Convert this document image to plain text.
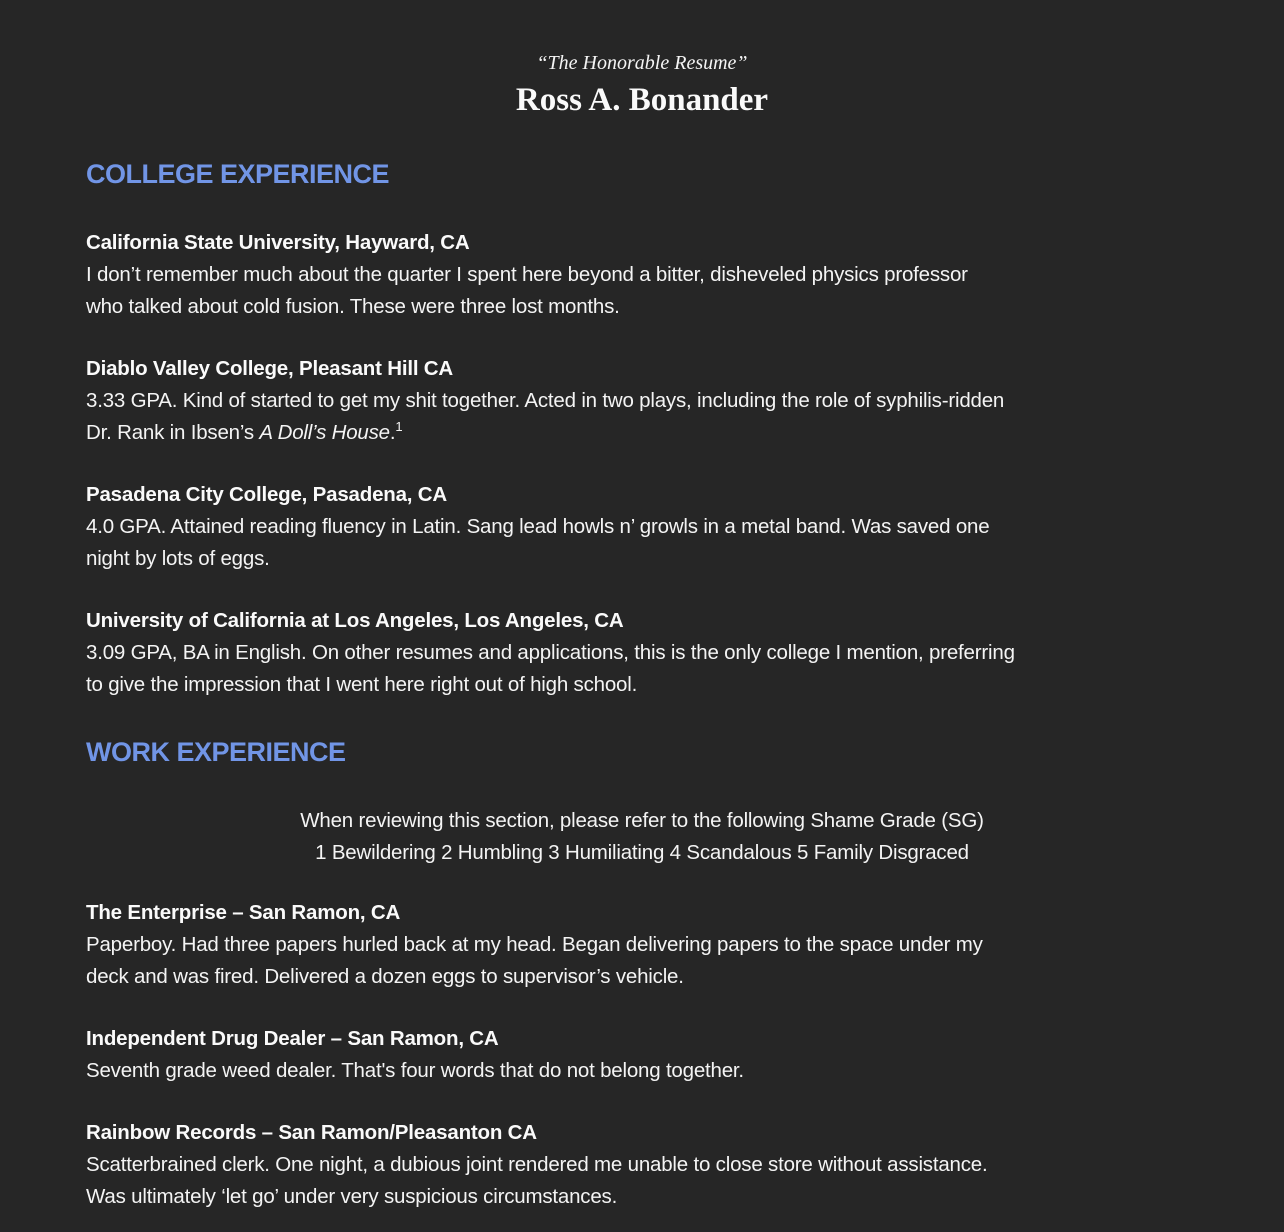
“The Honorable Resume”
Ross A. Bonander
COLLEGE EXPERIENCE
California State University, Hayward, CA
I don’t remember much about the quarter I spent here beyond a bitter, disheveled physics professor
who talked about cold fusion. These were three lost months.
Diablo Valley College, Pleasant Hill CA
3.33 GPA. Kind of started to get my shit together. Acted in two plays, including the role of syphilis-ridden
Dr. Rank in Ibsen’s A Doll’s House.$^1$
Pasadena City College, Pasadena, CA
4.0 GPA. Attained reading fluency in Latin. Sang lead howls n’ growls in a metal band. Was saved one
night by lots of eggs.
University of California at Los Angeles, Los Angeles, CA
3.09 GPA, BA in English. On other resumes and applications, this is the only college I mention, preferring
to give the impression that I went here right out of high school.
WORK EXPERIENCE
When reviewing this section, please refer to the following Shame Grade (SG)
1 Bewildering 2 Humbling 3 Humiliating 4 Scandalous 5 Family Disgraced
The Enterprise – San Ramon, CA
Paperboy. Had three papers hurled back at my head. Began delivering papers to the space under my
deck and was fired. Delivered a dozen eggs to supervisor’s vehicle.
Independent Drug Dealer – San Ramon, CA
Seventh grade weed dealer. That's four words that do not belong together.
Rainbow Records – San Ramon/Pleasanton CA
Scatterbrained clerk. One night, a dubious joint rendered me unable to close store without assistance.
Was ultimately ‘let go’ under very suspicious circumstances.
